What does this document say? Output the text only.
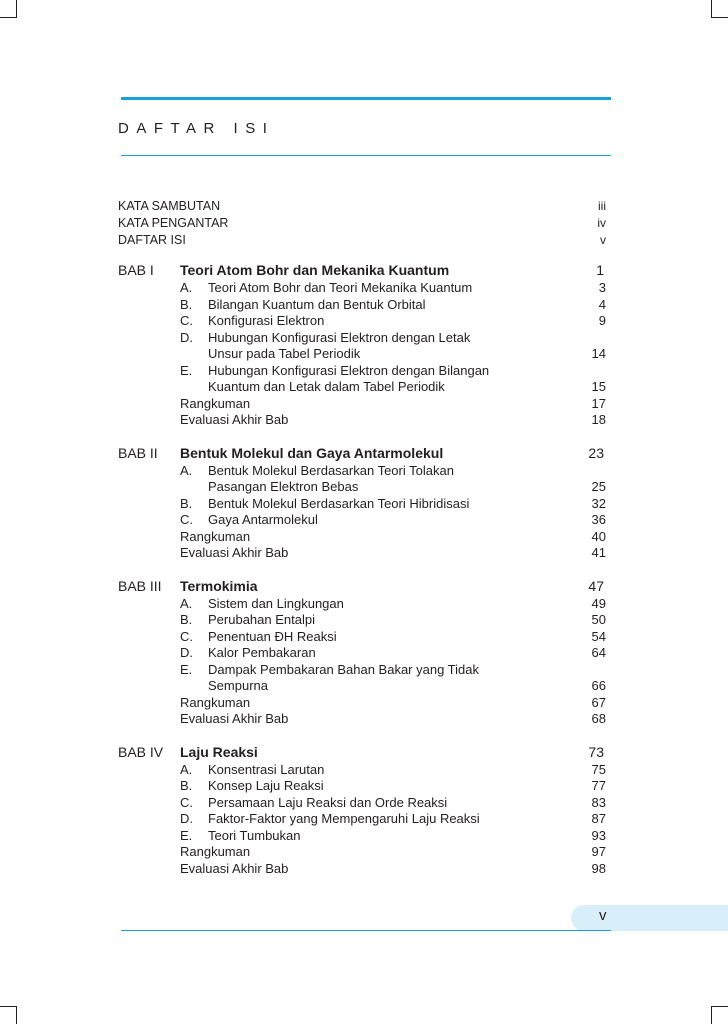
DAFTAR ISI
KATA SAMBUTAN	iii
KATA PENGANTAR	iv
DAFTAR ISI	v
BAB I Teori Atom Bohr dan Mekanika Kuantum	1
A. Teori Atom Bohr dan Teori Mekanika Kuantum	3
B. Bilangan Kuantum dan Bentuk Orbital	4
C. Konfigurasi Elektron	9
D. Hubungan Konfigurasi Elektron dengan Letak
Unsur pada Tabel Periodik	14
E. Hubungan Konfigurasi Elektron dengan Bilangan
Kuantum dan Letak dalam Tabel Periodik	15
Rangkuman	17
Evaluasi Akhir Bab	18
BAB II Bentuk Molekul dan Gaya Antarmolekul	23
A. Bentuk Molekul Berdasarkan Teori Tolakan
Pasangan Elektron Bebas	25
B. Bentuk Molekul Berdasarkan Teori Hibridisasi	32
C. Gaya Antarmolekul	36
Rangkuman	40
Evaluasi Akhir Bab	41
BAB III Termokimia	47
A. Sistem dan Lingkungan	49
B. Perubahan Entalpi	50
C. Penentuan ÐH Reaksi	54
D. Kalor Pembakaran	64
E. Dampak Pembakaran Bahan Bakar yang Tidak
Sempurna	66
Rangkuman	67
Evaluasi Akhir Bab	68
BAB IV Laju Reaksi	73
A. Konsentrasi Larutan	75
B. Konsep Laju Reaksi	77
C. Persamaan Laju Reaksi dan Orde Reaksi	83
D. Faktor-Faktor yang Mempengaruhi Laju Reaksi	87
E. Teori Tumbukan	93
Rangkuman	97
Evaluasi Akhir Bab	98
v
